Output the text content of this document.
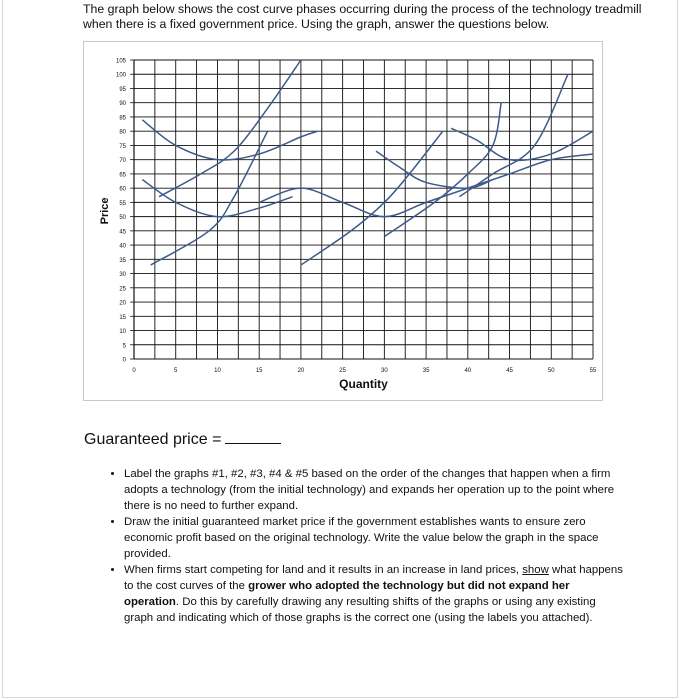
The graph below shows the cost curve phases occurring during the process of the technology treadmill when there is a fixed government price. Using the graph, answer the questions below.

0
5
10
15
20
25
30
35
40
45
50
55
60
65
70
75
80
85
90
95
100
105
0	5	10	15	20	25	30	35	40	45	50	55
Quantity
Price

Guaranteed price =

• Label the graphs #1, #2, #3, #4 & #5 based on the order of the changes that happen when a firm adopts a technology (from the initial technology) and expands her operation up to the point where there is no need to further expand.
• Draw the initial guaranteed market price if the government establishes wants to ensure zero economic profit based on the original technology. Write the value below the graph in the space provided.
• When firms start competing for land and it results in an increase in land prices, show what happens to the cost curves of the grower who adopted the technology but did not expand her operation. Do this by carefully drawing any resulting shifts of the graphs or using any existing graph and indicating which of those graphs is the correct one (using the labels you attached).
